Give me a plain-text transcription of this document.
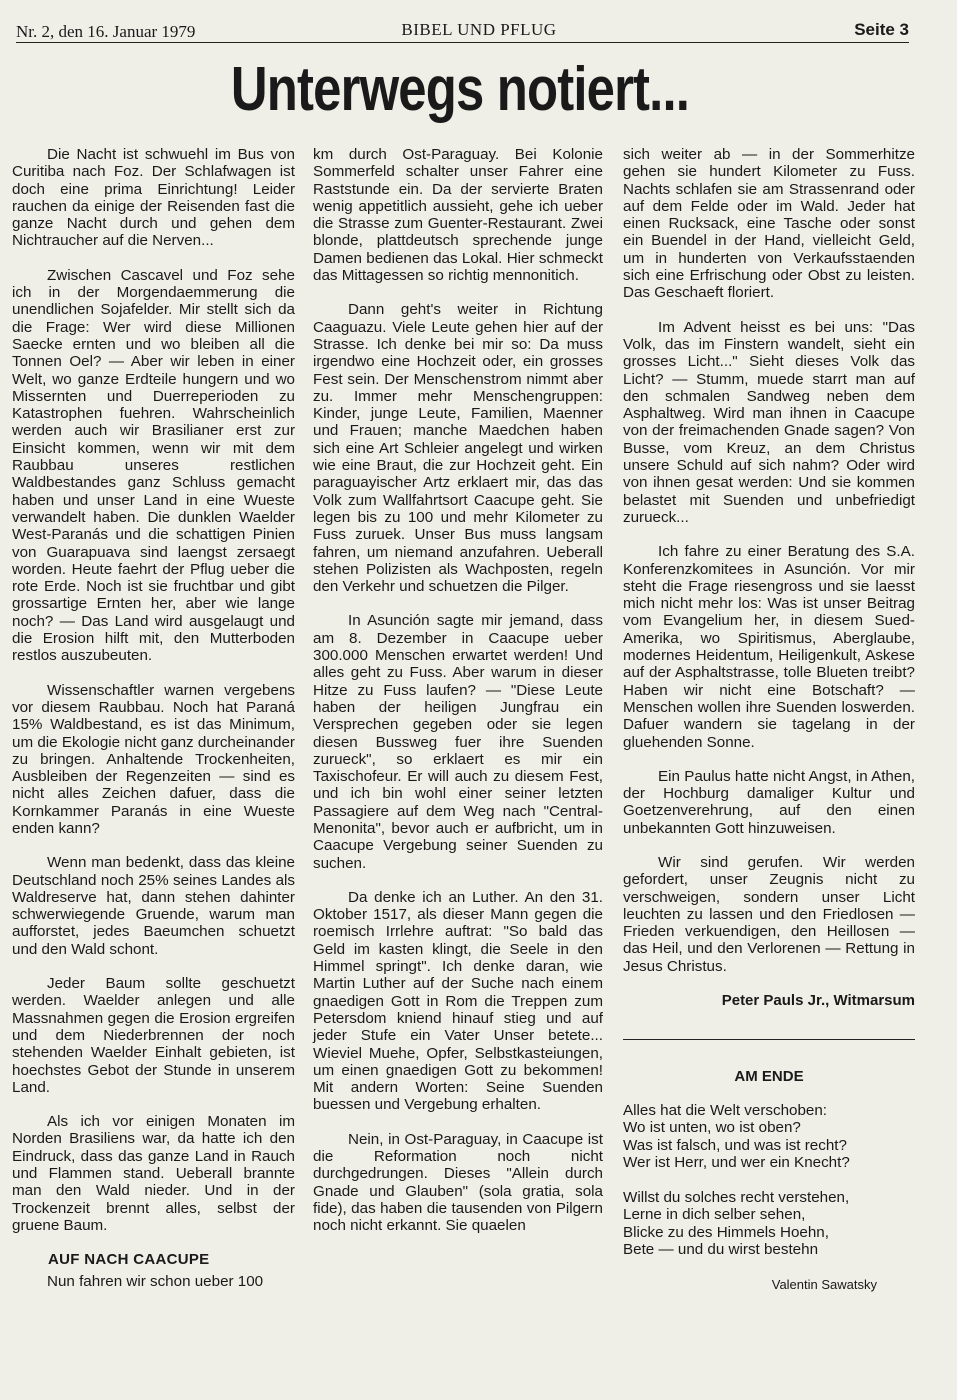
Nr. 2, den 16. Januar 1979	BIBEL UND PFLUG	Seite 3
Unterwegs notiert...

Die Nacht ist schwuehl im Bus von Curitiba nach Foz. Der Schlafwagen ist doch eine prima Einrichtung! Leider rauchen da einige der Reisenden fast die ganze Nacht durch und gehen dem Nichtraucher auf die Nerven...

Zwischen Cascavel und Foz sehe ich in der Morgendaemmerung die unendlichen Sojafelder. Mir stellt sich da die Frage: Wer wird diese Millionen Saecke ernten und wo bleiben all die Tonnen Oel? — Aber wir leben in einer Welt, wo ganze Erdteile hungern und wo Missernten und Duerreperioden zu Katastrophen fuehren. Wahrscheinlich werden auch wir Brasilianer erst zur Einsicht kommen, wenn wir mit dem Raubbau unseres restlichen Waldbestandes ganz Schluss gemacht haben und unser Land in eine Wueste verwandelt haben. Die dunklen Waelder West-Paranás und die schattigen Pinien von Guarapuava sind laengst zersaegt worden. Heute faehrt der Pflug ueber die rote Erde. Noch ist sie fruchtbar und gibt grossartige Ernten her, aber wie lange noch? — Das Land wird ausgelaugt und die Erosion hilft mit, den Mutterboden restlos auszubeuten.

Wissenschaftler warnen vergebens vor diesem Raubbau. Noch hat Paraná 15% Waldbestand, es ist das Minimum, um die Ekologie nicht ganz durcheinander zu bringen. Anhaltende Trockenheiten, Ausbleiben der Regenzeiten — sind es nicht alles Zeichen dafuer, dass die Kornkammer Paranás in eine Wueste enden kann?

Wenn man bedenkt, dass das kleine Deutschland noch 25% seines Landes als Waldreserve hat, dann stehen dahinter schwerwiegende Gruende, warum man aufforstet, jedes Baeumchen schuetzt und den Wald schont.

Jeder Baum sollte geschuetzt werden. Waelder anlegen und alle Massnahmen gegen die Erosion ergreifen und dem Niederbrennen der noch stehenden Waelder Einhalt gebieten, ist hoechstes Gebot der Stunde in unserem Land.

Als ich vor einigen Monaten im Norden Brasiliens war, da hatte ich den Eindruck, dass das ganze Land in Rauch und Flammen stand. Ueberall brannte man den Wald nieder. Und in der Trockenzeit brennt alles, selbst der gruene Baum.

AUF NACH CAACUPE

Nun fahren wir schon ueber 100

km durch Ost-Paraguay. Bei Kolonie Sommerfeld schalter unser Fahrer eine Raststunde ein. Da der servierte Braten wenig appetitlich aussieht, gehe ich ueber die Strasse zum Guenter-Restaurant. Zwei blonde, plattdeutsch sprechende junge Damen bedienen das Lokal. Hier schmeckt das Mittagessen so richtig mennonitich.

Dann geht's weiter in Richtung Caaguazu. Viele Leute gehen hier auf der Strasse. Ich denke bei mir so: Da muss irgendwo eine Hochzeit oder, ein grosses Fest sein. Der Menschenstrom nimmt aber zu. Immer mehr Menschengruppen: Kinder, junge Leute, Familien, Maenner und Frauen; manche Maedchen haben sich eine Art Schleier angelegt und wirken wie eine Braut, die zur Hochzeit geht. Ein paraguayischer Artz erklaert mir, das das Volk zum Wallfahrtsort Caacupe geht. Sie legen bis zu 100 und mehr Kilometer zu Fuss zuruek. Unser Bus muss langsam fahren, um niemand anzufahren. Ueberall stehen Polizisten als Wachposten, regeln den Verkehr und schuetzen die Pilger.

In Asunción sagte mir jemand, dass am 8. Dezember in Caacupe ueber 300.000 Menschen erwartet werden! Und alles geht zu Fuss. Aber warum in dieser Hitze zu Fuss laufen? — "Diese Leute haben der heiligen Jungfrau ein Versprechen gegeben oder sie legen diesen Bussweg fuer ihre Suenden zurueck", so erklaert es mir ein Taxischofeur. Er will auch zu diesem Fest, und ich bin wohl einer seiner letzten Passagiere auf dem Weg nach "Central-Menonita", bevor auch er aufbricht, um in Caacupe Vergebung seiner Suenden zu suchen.

Da denke ich an Luther. An den 31. Oktober 1517, als dieser Mann gegen die roemisch Irrlehre auftrat: "So bald das Geld im kasten klingt, die Seele in den Himmel springt". Ich denke daran, wie Martin Luther auf der Suche nach einem gnaedigen Gott in Rom die Treppen zum Petersdom kniend hinauf stieg und auf jeder Stufe ein Vater Unser betete... Wieviel Muehe, Opfer, Selbstkasteiungen, um einen gnaedigen Gott zu bekommen! Mit andern Worten: Seine Suenden buessen und Vergebung erhalten.

Nein, in Ost-Paraguay, in Caacupe ist die Reformation noch nicht durchgedrungen. Dieses "Allein durch Gnade und Glauben" (sola gratia, sola fide), das haben die tausenden von Pilgern noch nicht erkannt. Sie quaelen

sich weiter ab — in der Sommerhitze gehen sie hundert Kilometer zu Fuss. Nachts schlafen sie am Strassenrand oder auf dem Felde oder im Wald. Jeder hat einen Rucksack, eine Tasche oder sonst ein Buendel in der Hand, vielleicht Geld, um in hunderten von Verkaufsstaenden sich eine Erfrischung oder Obst zu leisten. Das Geschaeft floriert.

Im Advent heisst es bei uns: "Das Volk, das im Finstern wandelt, sieht ein grosses Licht..." Sieht dieses Volk das Licht? — Stumm, muede starrt man auf den schmalen Sandweg neben dem Asphaltweg. Wird man ihnen in Caacupe von der freimachenden Gnade sagen? Von Busse, vom Kreuz, an dem Christus unsere Schuld auf sich nahm? Oder wird von ihnen gesat werden: Und sie kommen belastet mit Suenden und unbefriedigt zurueck...

Ich fahre zu einer Beratung des S.A. Konferenzkomitees in Asunción. Vor mir steht die Frage riesengross und sie laesst mich nicht mehr los: Was ist unser Beitrag vom Evangelium her, in diesem Sued-Amerika, wo Spiritismus, Aberglaube, modernes Heidentum, Heiligenkult, Askese auf der Asphaltstrasse, tolle Blueten treibt? Haben wir nicht eine Botschaft? — Menschen wollen ihre Suenden loswerden. Dafuer wandern sie tagelang in der gluehenden Sonne.

Ein Paulus hatte nicht Angst, in Athen, der Hochburg damaliger Kultur und Goetzenverehrung, auf den einen unbekannten Gott hinzuweisen.

Wir sind gerufen. Wir werden gefordert, unser Zeugnis nicht zu verschweigen, sondern unser Licht leuchten zu lassen und den Friedlosen — Frieden verkuendigen, den Heillosen — das Heil, und den Verlorenen — Rettung in Jesus Christus.

Peter Pauls Jr., Witmarsum
AM ENDE
Alles hat die Welt verschoben:
Wo ist unten, wo ist oben?
Was ist falsch, und was ist recht?
Wer ist Herr, und wer ein Knecht?
Willst du solches recht verstehen,
Lerne in dich selber sehen,
Blicke zu des Himmels Hoehn,
Bete — und du wirst bestehn
Valentin Sawatsky
